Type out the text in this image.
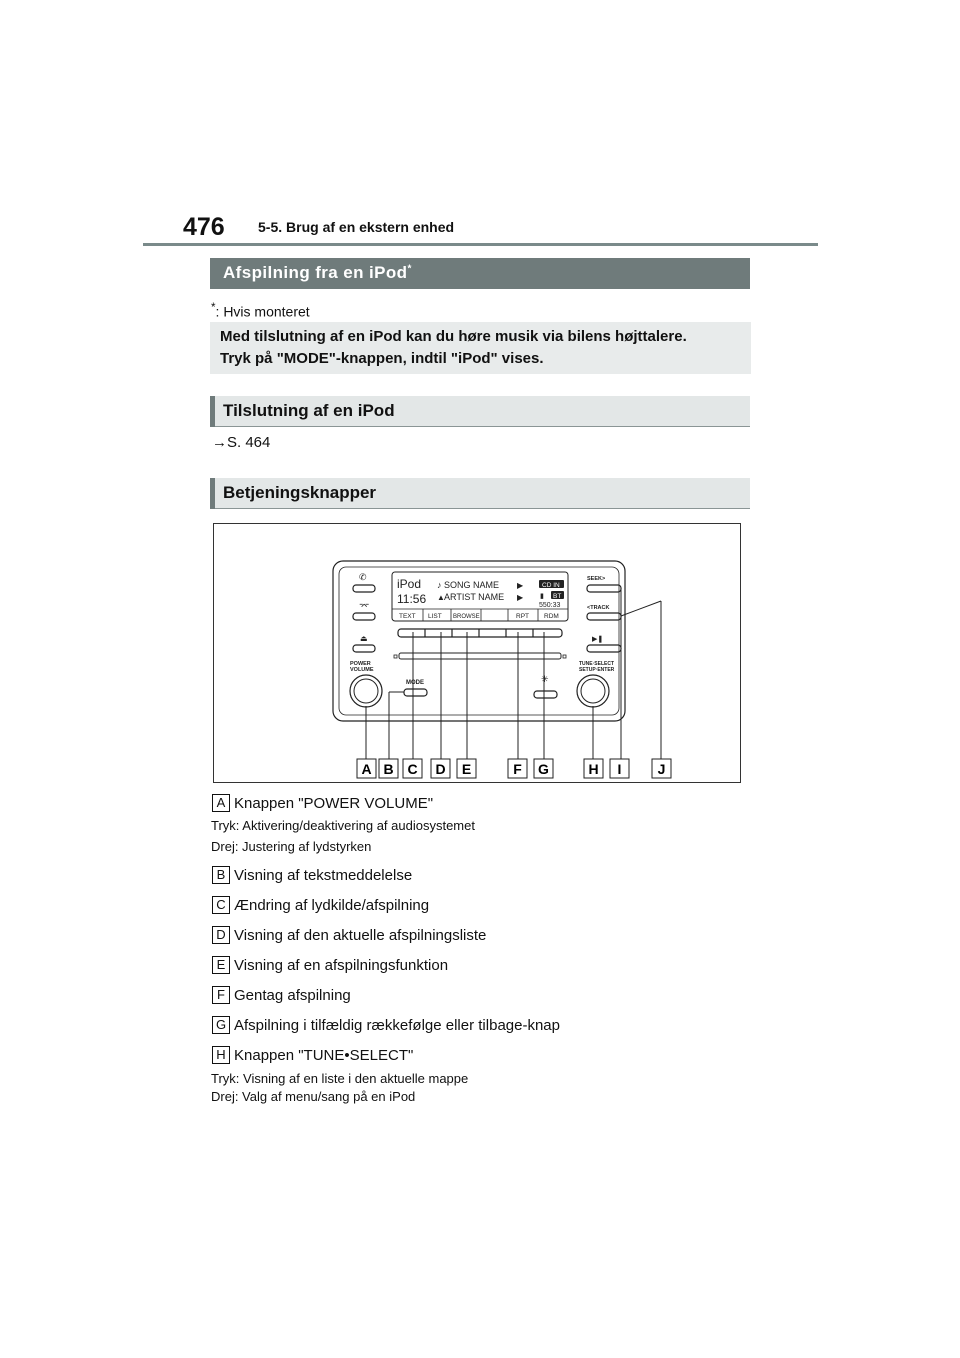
476 5-5. Brug af en ekstern enhed
Afspilning fra en iPod*
*: Hvis monteret
Med tilslutning af en iPod kan du høre musik via bilens højttalere.
Tryk på "MODE"-knappen, indtil "iPod" vises.
Tilslutning af en iPod
→S. 464
Betjeningsknapper
iPod
11:56
♪ SONG NAME
▲ ARTIST NAME
▶
▶
CD IN
BT
▮
550:33
TEXT LIST BROWSE	RPT RDM
✆
⌤
⏏
POWER
VOLUME
MODE	✳
SEEK>
<TRACK
▶❚
TUNE·SELECT
SETUP·ENTER
A B C D E	F G	H I	J
A Knappen "POWER VOLUME"
Tryk: Aktivering/deaktivering af audiosystemet
Drej: Justering af lydstyrken
B Visning af tekstmeddelelse
C Ændring af lydkilde/afspilning
D Visning af den aktuelle afspilningsliste
E Visning af en afspilningsfunktion
F Gentag afspilning
G Afspilning i tilfældig rækkefølge eller tilbage-knap
H Knappen "TUNE•SELECT"
Tryk: Visning af en liste i den aktuelle mappe
Drej: Valg af menu/sang på en iPod
